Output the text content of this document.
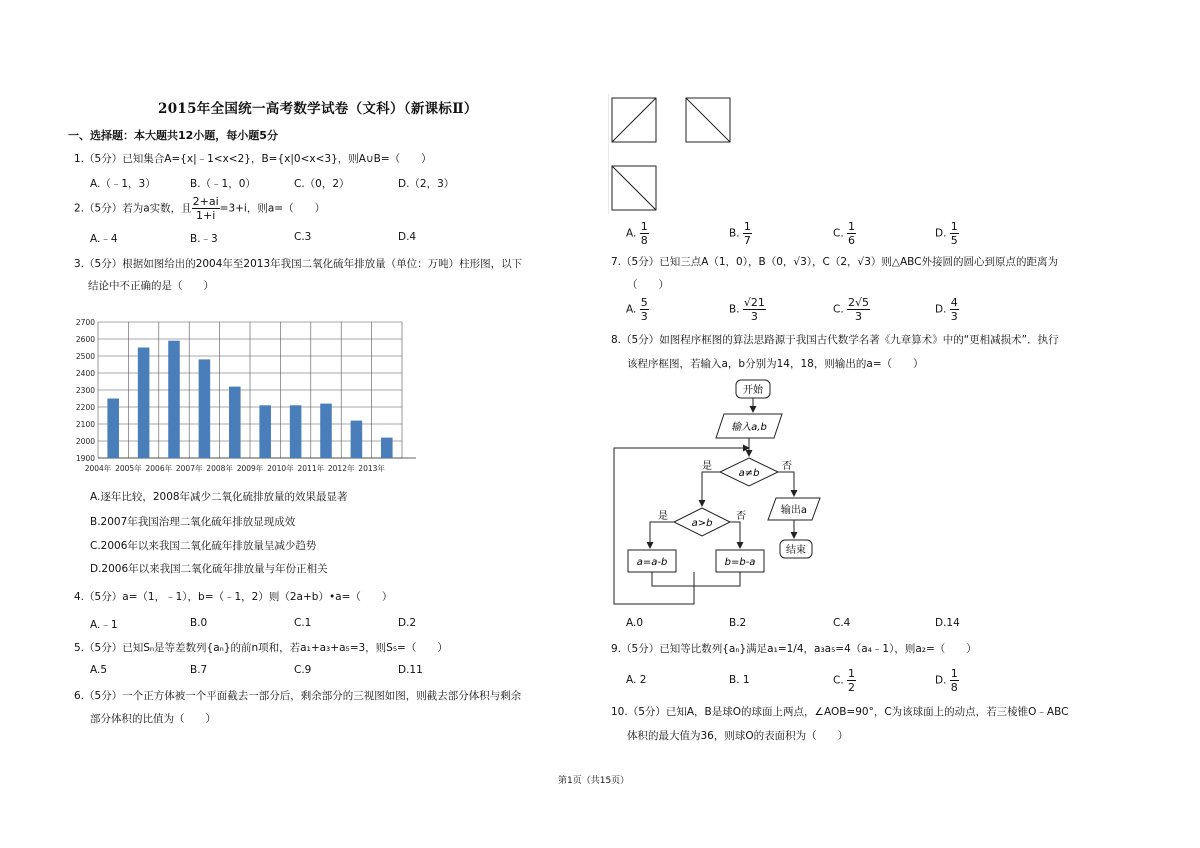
2015年全国统一高考数学试卷（文科）（新课标Ⅱ）
一、选择题：本大题共12小题，每小题5分
1.（5分）已知集合A={x|﹣1<x<2}，B={x|0<x<3}，则A∪B=（　　）
A.（﹣1，3）	B.（﹣1，0）	C.（0，2）	D.（2，3）
2.（5分）若为a实数，且 $\frac{2+ai}{1+i} =3+i$，则a=（　　）
A.﹣4	B.﹣3	C.3	D.4
3.（5分）根据如图给出的2004年至2013年我国二氧化硫年排放量（单位：万吨）柱形图，以下
结论中不正确的是（　　）
1900
2000
2100
2200
2300
2400
2500
2600
2700
2004年 2005年 2006年 2007年 2008年 2009年 2010年 2011年 2012年 2013年
A.逐年比较，2008年减少二氧化硫排放量的效果最显著
B.2007年我国治理二氧化硫年排放显现成效
C.2006年以来我国二氧化硫年排放量呈减少趋势
D.2006年以来我国二氧化硫年排放量与年份正相关
4.（5分）a=（1，﹣1），b=（﹣1，2）则（2a+b）•a=（　　）
A.﹣1	B.0	C.1	D.2
5.（5分）已知Sₙ是等差数列{aₙ}的前n项和，若a₁+a₃+a₅=3，则S₅=（　　）
A.5	B.7	C.9	D.11
6.（5分）一个正方体被一个平面截去一部分后，剩余部分的三视图如图，则截去部分体积与剩余
部分体积的比值为（　　）
A. $\frac{1}{8}$	B. $\frac{1}{7}$	C. $\frac{1}{6}$	D. $\frac{1}{5}$
7.（5分）已知三点A（1，0），B（0，√3），C（2，√3）则△ABC外接圆的圆心到原点的距离为
（　　）
A. $\frac{5}{3}$	B. $\frac{√21}{3}$	C. $\frac{2√5}{3}$	D. $\frac{4}{3}$
8.（5分）如图程序框图的算法思路源于我国古代数学名著《九章算术》中的“更相减损术”．执行
该程序框图，若输入a，b分别为14，18，则输出的a=（　　）
开始
输入a,b
a≠b
是	否
输出a
结束
a>b
是	否
a=a-b	b=b-a
A.0	B.2	C.4	D.14
9.（5分）已知等比数列{aₙ}满足a₁=1/4，a₃a₅=4（a₄﹣1），则a₂=（　　）
A. 2	B. 1	C. $\frac{1}{2}$	D. $\frac{1}{8}$
10.（5分）已知A，B是球O的球面上两点，∠AOB=90°，C为该球面上的动点，若三棱锥O﹣ABC
体积的最大值为36，则球O的表面积为（　　）
第1页（共15页）
